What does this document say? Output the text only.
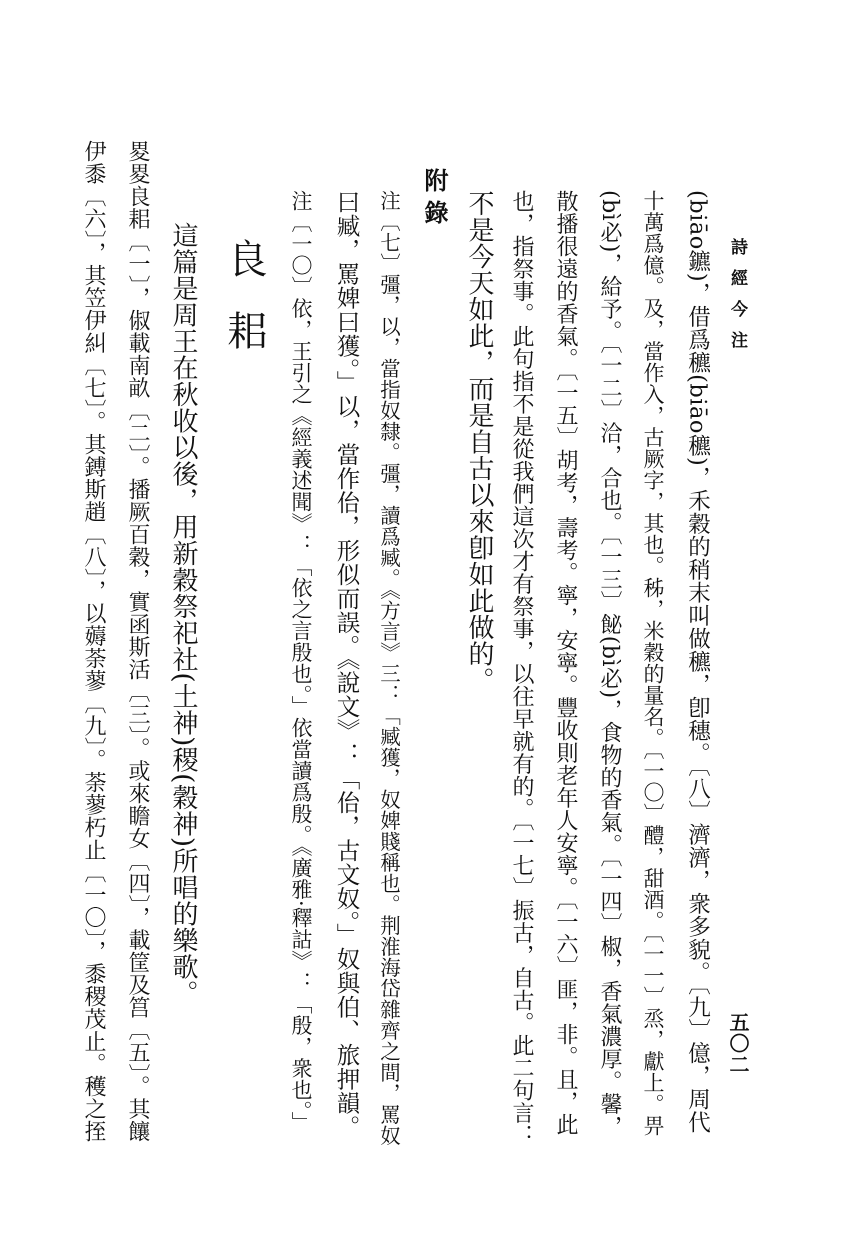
詩經今注
五〇二
(biāo鑣)，借爲穮(biāo穮)，禾穀的稍末叫做穮，卽穗。〔八〕濟濟，衆多貌。〔九〕億，周代
十萬爲億。及，當作入，古厥字，其也。秭，米穀的量名。〔一〇〕醴，甜酒。〔一一〕烝，獻上。畀
(bì必)，給予。〔一二〕洽，合也。〔一三〕飶(bì必)，食物的香氣。〔一四〕椒，香氣濃厚。馨，
散播很遠的香氣。〔一五〕胡考，壽考。寧，安寧。豐收則老年人安寧。〔一六〕匪，非。且，此
也，指祭事。此句指不是從我們這次才有祭事，以往早就有的。〔一七〕振古，自古。此二句言：
不是今天如此，而是自古以來卽如此做的。
附錄
注〔七〕彊，以，當指奴隸。彊，讀爲臧。《方言》三：「臧獲，奴婢賤稱也。荆淮海岱雜齊之間，罵奴
曰臧，罵婢曰獲。」以，當作佁，形似而誤。《說文》：「佁，古文奴。」奴與伯、旅押韻。
注〔一〇〕依，王引之《經義述聞》：「依之言殷也。」依當讀爲殷。《廣雅·釋詁》：「殷，衆也。」
良耜
這篇是周王在秋收以後，用新穀祭祀社(土神)稷(穀神)所唱的樂歌。
畟畟良耜〔一〕，俶載南畝〔二〕。播厥百穀，實函斯活〔三〕。或來瞻女〔四〕，載筐及筥〔五〕。其饟
伊黍〔六〕，其笠伊糾〔七〕。其鎛斯趙〔八〕，以薅荼蓼〔九〕。荼蓼朽止〔一〇〕，黍稷茂止。穫之挃
